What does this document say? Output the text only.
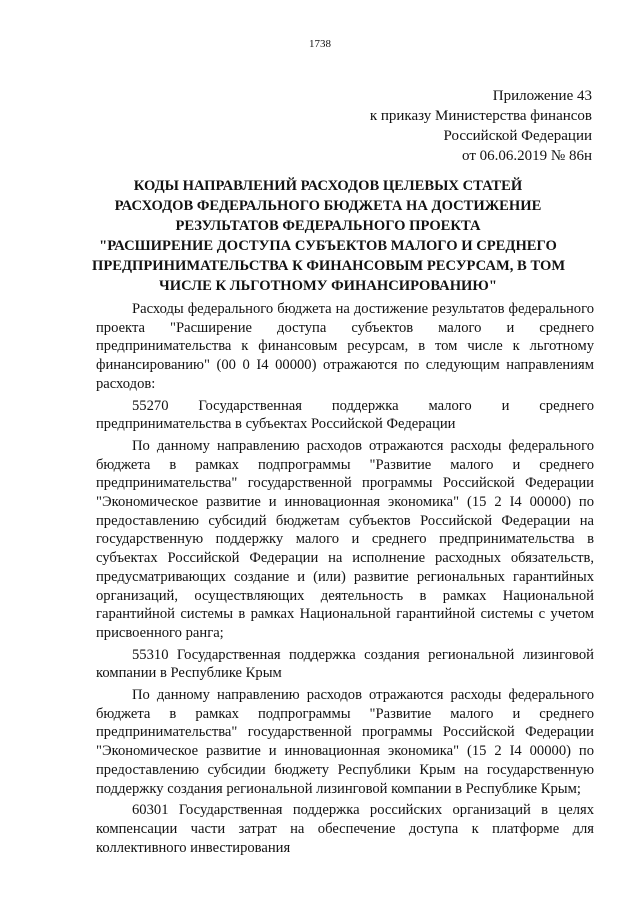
1738
Приложение 43
к приказу Министерства финансов
Российской Федерации
от 06.06.2019 № 86н
КОДЫ НАПРАВЛЕНИЙ РАСХОДОВ ЦЕЛЕВЫХ СТАТЕЙ
РАСХОДОВ ФЕДЕРАЛЬНОГО БЮДЖЕТА НА ДОСТИЖЕНИЕ
РЕЗУЛЬТАТОВ ФЕДЕРАЛЬНОГО ПРОЕКТА
"РАСШИРЕНИЕ ДОСТУПА СУБЪЕКТОВ МАЛОГО И СРЕДНЕГО
ПРЕДПРИНИМАТЕЛЬСТВА К ФИНАНСОВЫМ РЕСУРСАМ, В ТОМ
ЧИСЛЕ К ЛЬГОТНОМУ ФИНАНСИРОВАНИЮ"

Расходы федерального бюджета на достижение результатов федерального проекта "Расширение доступа субъектов малого и среднего предпринимательства к финансовым ресурсам, в том числе к льготному финансированию" (00 0 I4 00000) отражаются по следующим направлениям расходов:

55270 Государственная поддержка малого и среднего предпринимательства в субъектах Российской Федерации

По данному направлению расходов отражаются расходы федерального бюджета в рамках подпрограммы "Развитие малого и среднего предпринимательства" государственной программы Российской Федерации "Экономическое развитие и инновационная экономика" (15 2 I4 00000) по предоставлению субсидий бюджетам субъектов Российской Федерации на государственную поддержку малого и среднего предпринимательства в субъектах Российской Федерации на исполнение расходных обязательств, предусматривающих создание и (или) развитие региональных гарантийных организаций, осуществляющих деятельность в рамках Национальной гарантийной системы в рамках Национальной гарантийной системы с учетом присвоенного ранга;

55310 Государственная поддержка создания региональной лизинговой компании в Республике Крым

По данному направлению расходов отражаются расходы федерального бюджета в рамках подпрограммы "Развитие малого и среднего предпринимательства" государственной программы Российской Федерации "Экономическое развитие и инновационная экономика" (15 2 I4 00000) по предоставлению субсидии бюджету Республики Крым на государственную поддержку создания региональной лизинговой компании в Республике Крым;

60301 Государственная поддержка российских организаций в целях компенсации части затрат на обеспечение доступа к платформе для коллективного инвестирования
